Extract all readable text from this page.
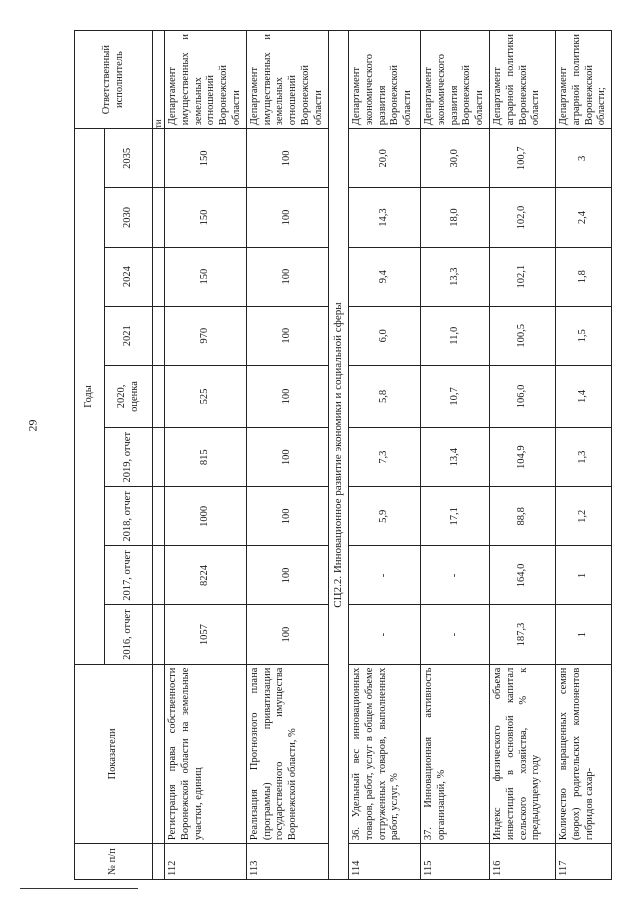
29
№ п/п	Показатели	Годы									Ответственный исполнитель
		2016, отчет	2017, отчет	2018, отчет	2019, отчет	2020, оценка	2021	2024	2030	2035	
											ти
112	Регистрация права собственности Воронежской области на земельные участки, единиц	1057	8224	1000	815	525	970	150	150	150	Департамент имущественных и земельных отношений Воронежской области
113	Реализация Прогнозного плана (программы) приватизации государственного имущества Воронежской области, %	100	100	100	100	100	100	100	100	100	Департамент имущественных и земельных отношений Воронежской области
СЦ2.2. Инновационное развитие экономики и социальной сферы											
114	36. Удельный вес инновационных товаров, работ, услуг в общем объеме отгруженных товаров, выполненных работ, услуг, %	-	-	5,9	7,3	5,8	6,0	9,4	14,3	20,0	Департамент экономического развития Воронежской области
115	37. Инновационная активность организаций, %	-	-	17,1	13,4	10,7	11,0	13,3	18,0	30,0	Департамент экономического развития Воронежской области
116	Индекс физического объема инвестиций в основной капитал сельского хозяйства, % к предыдущему году	187,3	164,0	88,8	104,9	106,0	100,5	102,1	102,0	100,7	Департамент аграрной политики Воронежской области
117	Количество выращенных семян (ворох) родительских компонентов гибридов сахар-	1	1	1,2	1,3	1,4	1,5	1,8	2,4	3	Департамент аграрной политики Воронежской области;
